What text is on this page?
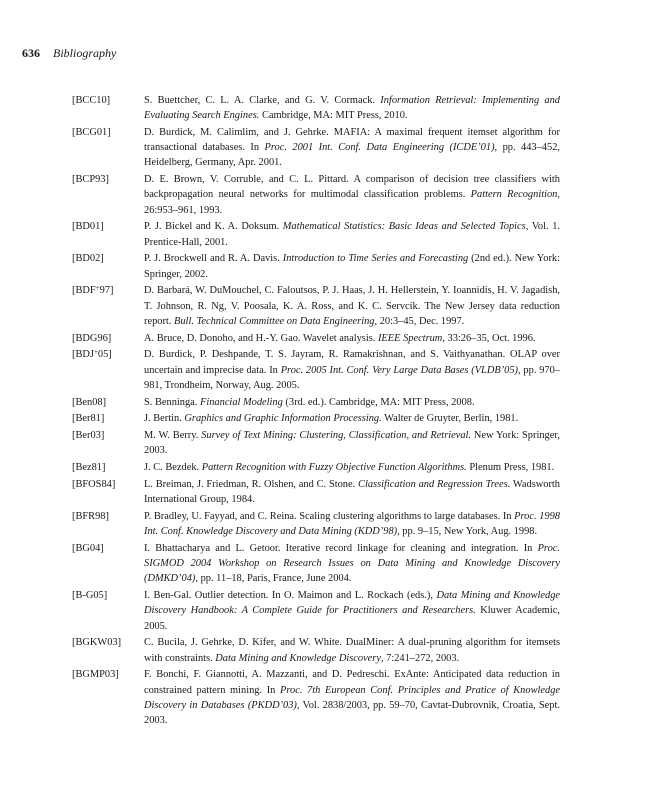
636 Bibliography
[BCC10]	S. Buettcher, C. L. A. Clarke, and G. V. Cormack. Information Retrieval: Implementing and Evaluating Search Engines. Cambridge, MA: MIT Press, 2010.
[BCG01]	D. Burdick, M. Calimlim, and J. Gehrke. MAFIA: A maximal frequent itemset algorithm for transactional databases. In Proc. 2001 Int. Conf. Data Engineering (ICDE’01), pp. 443–452, Heidelberg, Germany, Apr. 2001.
[BCP93]	D. E. Brown, V. Corruble, and C. L. Pittard. A comparison of decision tree classifiers with backpropagation neural networks for multimodal classification problems. Pattern Recognition, 26:953–961, 1993.
[BD01]	P. J. Bickel and K. A. Doksum. Mathematical Statistics: Basic Ideas and Selected Topics, Vol. 1. Prentice-Hall, 2001.
[BD02]	P. J. Brockwell and R. A. Davis. Introduction to Time Series and Forecasting (2nd ed.). New York: Springer, 2002.
[BDF+97]	D. Barbará, W. DuMouchel, C. Faloutsos, P. J. Haas, J. H. Hellerstein, Y. Ioannidis, H. V. Jagadish, T. Johnson, R. Ng, V. Poosala, K. A. Ross, and K. C. Servcik. The New Jersey data reduction report. Bull. Technical Committee on Data Engineering, 20:3–45, Dec. 1997.
[BDG96]	A. Bruce, D. Donoho, and H.-Y. Gao. Wavelet analysis. IEEE Spectrum, 33:26–35, Oct. 1996.
[BDJ+05]	D. Burdick, P. Deshpande, T. S. Jayram, R. Ramakrishnan, and S. Vaithyanathan. OLAP over uncertain and imprecise data. In Proc. 2005 Int. Conf. Very Large Data Bases (VLDB’05), pp. 970–981, Trondheim, Norway, Aug. 2005.
[Ben08]	S. Benninga. Financial Modeling (3rd. ed.). Cambridge, MA: MIT Press, 2008.
[Ber81]	J. Bertin. Graphics and Graphic Information Processing. Walter de Gruyter, Berlin, 1981.
[Ber03]	M. W. Berry. Survey of Text Mining: Clustering, Classification, and Retrieval. New York: Springer, 2003.
[Bez81]	J. C. Bezdek. Pattern Recognition with Fuzzy Objective Function Algorithms. Plenum Press, 1981.
[BFOS84]	L. Breiman, J. Friedman, R. Olshen, and C. Stone. Classification and Regression Trees. Wadsworth International Group, 1984.
[BFR98]	P. Bradley, U. Fayyad, and C. Reina. Scaling clustering algorithms to large databases. In Proc. 1998 Int. Conf. Knowledge Discovery and Data Mining (KDD’98), pp. 9–15, New York, Aug. 1998.
[BG04]	I. Bhattacharya and L. Getoor. Iterative record linkage for cleaning and integration. In Proc. SIGMOD 2004 Workshop on Research Issues on Data Mining and Knowledge Discovery (DMKD’04), pp. 11–18, Paris, France, June 2004.
[B-G05]	I. Ben-Gal. Outlier detection. In O. Maimon and L. Rockach (eds.), Data Mining and Knowledge Discovery Handbook: A Complete Guide for Practitioners and Researchers. Kluwer Academic, 2005.
[BGKW03]	C. Bucila, J. Gehrke, D. Kifer, and W. White. DualMiner: A dual-pruning algorithm for itemsets with constraints. Data Mining and Knowledge Discovery, 7:241–272, 2003.
[BGMP03]	F. Bonchi, F. Giannotti, A. Mazzanti, and D. Pedreschi. ExAnte: Anticipated data reduction in constrained pattern mining. In Proc. 7th European Conf. Principles and Pratice of Knowledge Discovery in Databases (PKDD’03), Vol. 2838/2003, pp. 59–70, Cavtat-Dubrovnik, Croatia, Sept. 2003.
